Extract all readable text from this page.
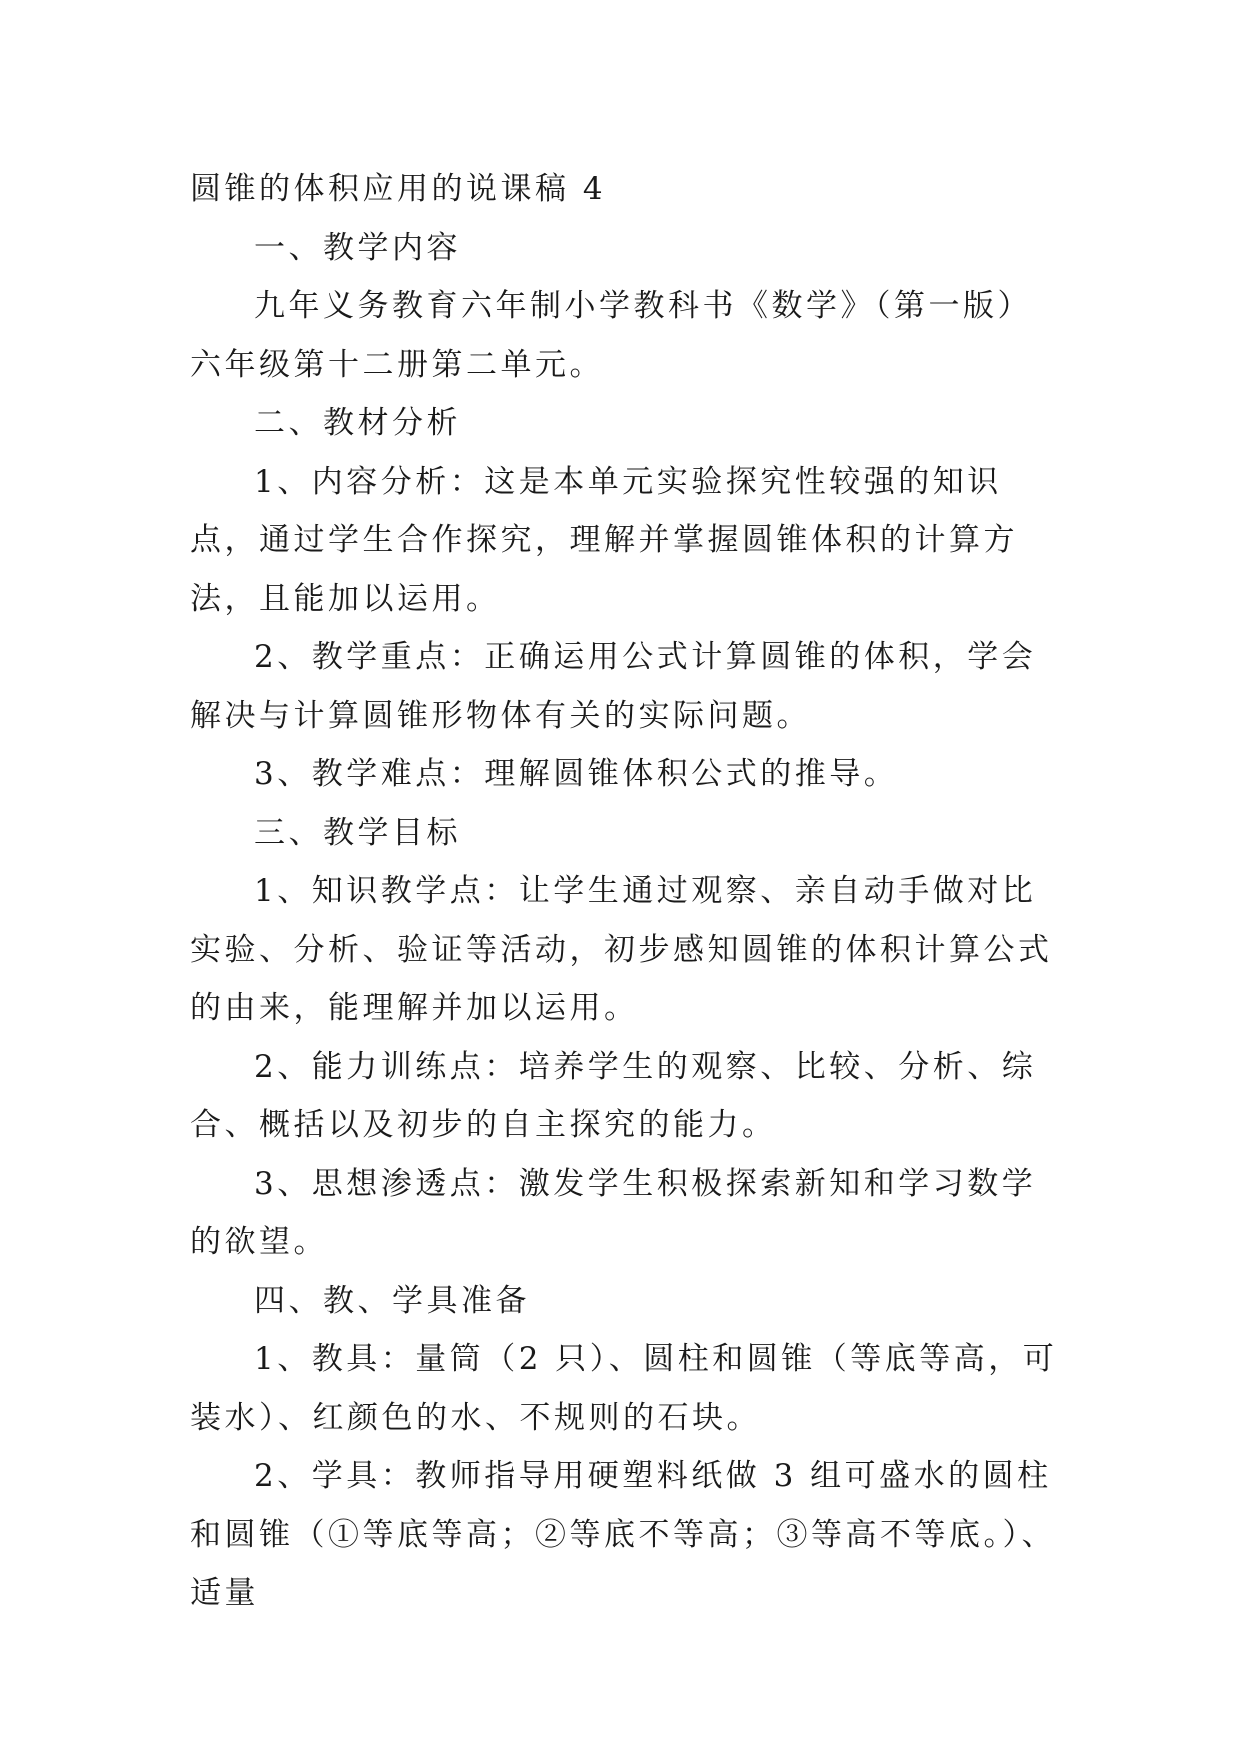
圆锥的体积应用的说课稿 4

一、教学内容

九年义务教育六年制小学教科书《数学》（第一版）六年级第十二册第二单元。

二、教材分析

1、内容分析：这是本单元实验探究性较强的知识点，通过学生合作探究，理解并掌握圆锥体积的计算方法，且能加以运用。

2、教学重点：正确运用公式计算圆锥的体积，学会解决与计算圆锥形物体有关的实际问题。

3、教学难点：理解圆锥体积公式的推导。

三、教学目标

1、知识教学点：让学生通过观察、亲自动手做对比实验、分析、验证等活动，初步感知圆锥的体积计算公式的由来，能理解并加以运用。

2、能力训练点：培养学生的观察、比较、分析、综合、概括以及初步的自主探究的能力。

3、思想渗透点：激发学生积极探索新知和学习数学的欲望。

四、教、学具准备

1、教具：量筒（2 只）、圆柱和圆锥（等底等高，可装水）、红颜色的水、不规则的石块。

2、学具：教师指导用硬塑料纸做 3 组可盛水的圆柱和圆锥（①等底等高；②等底不等高；③等高不等底。）、适量
